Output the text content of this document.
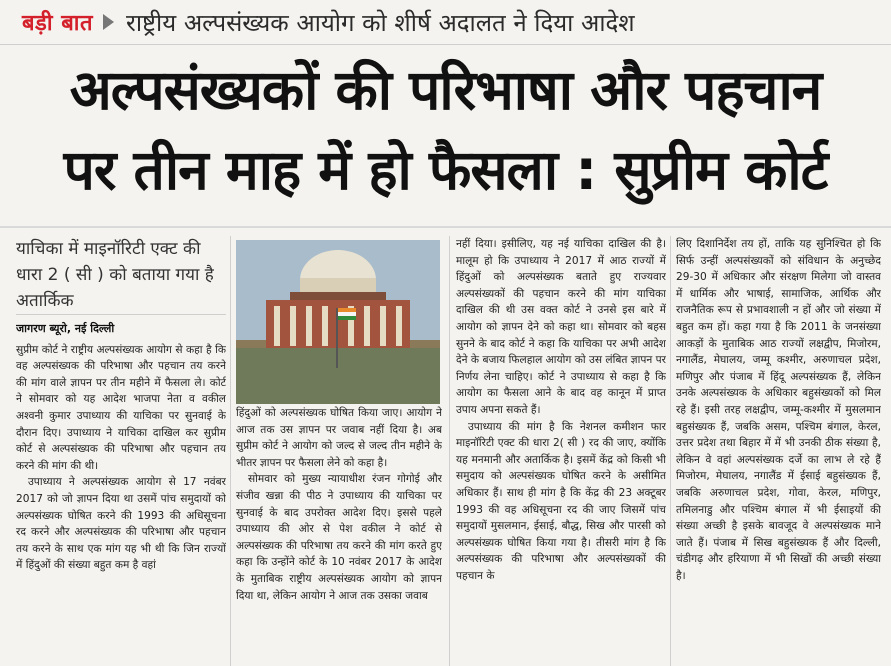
बड़ी बात राष्ट्रीय अल्पसंख्यक आयोग को शीर्ष अदालत ने दिया आदेश
अल्पसंख्यकों की परिभाषा और पहचान
पर तीन माह में हो फैसला : सुप्रीम कोर्ट

याचिका में माइनॉरिटी एक्ट की धारा 2 ( सी ) को बताया गया है अतार्किक

जागरण ब्यूरो, नई दिल्ली

सुप्रीम कोर्ट ने राष्ट्रीय अल्पसंख्यक आयोग से कहा है कि वह अल्पसंख्यक की परिभाषा और पहचान तय करने की मांग वाले ज्ञापन पर तीन महीने में फैसला ले। कोर्ट ने सोमवार को यह आदेश भाजपा नेता व वकील अश्वनी कुमार उपाध्याय की याचिका पर सुनवाई के दौरान दिए। उपाध्याय ने याचिका दाखिल कर सुप्रीम कोर्ट से अल्पसंख्यक की परिभाषा और पहचान तय करने की मांग की थी।

उपाध्याय ने अल्पसंख्यक आयोग से 17 नवंबर 2017 को जो ज्ञापन दिया था उसमें पांच समुदायों को अल्पसंख्यक घोषित करने की 1993 की अधिसूचना रद करने और अल्पसंख्यक की परिभाषा और पहचान तय करने के साथ एक मांग यह भी थी कि जिन राज्यों में हिंदुओं की संख्या बहुत कम है वहां

हिंदुओं को अल्पसंख्यक घोषित किया जाए। आयोग ने आज तक उस ज्ञापन पर जवाब नहीं दिया है। अब सुप्रीम कोर्ट ने आयोग को जल्द से जल्द तीन महीने के भीतर ज्ञापन पर फैसला लेने को कहा है।

सोमवार को मुख्य न्यायाधीश रंजन गोगोई और संजीव खन्ना की पीठ ने उपाध्याय की याचिका पर सुनवाई के बाद उपरोक्त आदेश दिए। इससे पहले उपाध्याय की ओर से पेश वकील ने कोर्ट से अल्पसंख्यक की परिभाषा तय करने की मांग करते हुए कहा कि उन्होंने कोर्ट के 10 नवंबर 2017 के आदेश के मुताबिक राष्ट्रीय अल्पसंख्यक आयोग को ज्ञापन दिया था, लेकिन आयोग ने आज तक उसका जवाब

नहीं दिया। इसीलिए, यह नई याचिका दाखिल की है। मालूम हो कि उपाध्याय ने 2017 में आठ राज्यों में हिंदुओं को अल्पसंख्यक बताते हुए राज्यवार अल्पसंख्यकों की पहचान करने की मांग याचिका दाखिल की थी उस वक्त कोर्ट ने उनसे इस बारे में आयोग को ज्ञापन देने को कहा था। सोमवार को बहस सुनने के बाद कोर्ट ने कहा कि याचिका पर अभी आदेश देने के बजाय फिलहाल आयोग को उस लंबित ज्ञापन पर निर्णय लेना चाहिए। कोर्ट ने उपाध्याय से कहा है कि आयोग का फैसला आने के बाद वह कानून में प्राप्त उपाय अपना सकते हैं।

उपाध्याय की मांग है कि नेशनल कमीशन फार माइनॉरिटी एक्ट की धारा 2( सी ) रद की जाए, क्योंकि यह मनमानी और अतार्किक है। इसमें केंद्र को किसी भी समुदाय को अल्पसंख्यक घोषित करने के असीमित अधिकार हैं। साथ ही मांग है कि केंद्र की 23 अक्टूबर 1993 की वह अधिसूचना रद की जाए जिसमें पांच समुदायों मुसलमान, ईसाई, बौद्ध, सिख और पारसी को अल्पसंख्यक घोषित किया गया है। तीसरी मांग है कि अल्पसंख्यक की परिभाषा और अल्पसंख्यकों की पहचान के

लिए दिशानिर्देश तय हों, ताकि यह सुनिश्चित हो कि सिर्फ उन्हीं अल्पसंख्यकों को संविधान के अनुच्छेद 29-30 में अधिकार और संरक्षण मिलेगा जो वास्तव में धार्मिक और भाषाई, सामाजिक, आर्थिक और राजनैतिक रूप से प्रभावशाली न हों और जो संख्या में बहुत कम हों। कहा गया है कि 2011 के जनसंख्या आकड़ों के मुताबिक आठ राज्यों लक्षद्वीप, मिजोरम, नगालैंड, मेघालय, जम्मू कश्मीर, अरुणाचल प्रदेश, मणिपुर और पंजाब में हिंदू अल्पसंख्यक हैं, लेकिन उनके अल्पसंख्यक के अधिकार बहुसंख्यकों को मिल रहे हैं। इसी तरह लक्षद्वीप, जम्मू-कश्मीर में मुसलमान बहुसंख्यक हैं, जबकि असम, पश्चिम बंगाल, केरल, उत्तर प्रदेश तथा बिहार में में भी उनकी ठीक संख्या है, लेकिन वे वहां अल्पसंख्यक दर्जे का लाभ ले रहे हैं मिजोरम, मेघालय, नगालैंड में ईसाई बहुसंख्यक हैं, जबकि अरुणाचल प्रदेश, गोवा, केरल, मणिपुर, तमिलनाडु और पश्चिम बंगाल में भी ईसाइयों की संख्या अच्छी है इसके बावजूद वे अल्पसंख्यक माने जाते हैं। पंजाब में सिख बहुसंख्यक हैं और दिल्ली, चंडीगढ़ और हरियाणा में भी सिखों की अच्छी संख्या है।
